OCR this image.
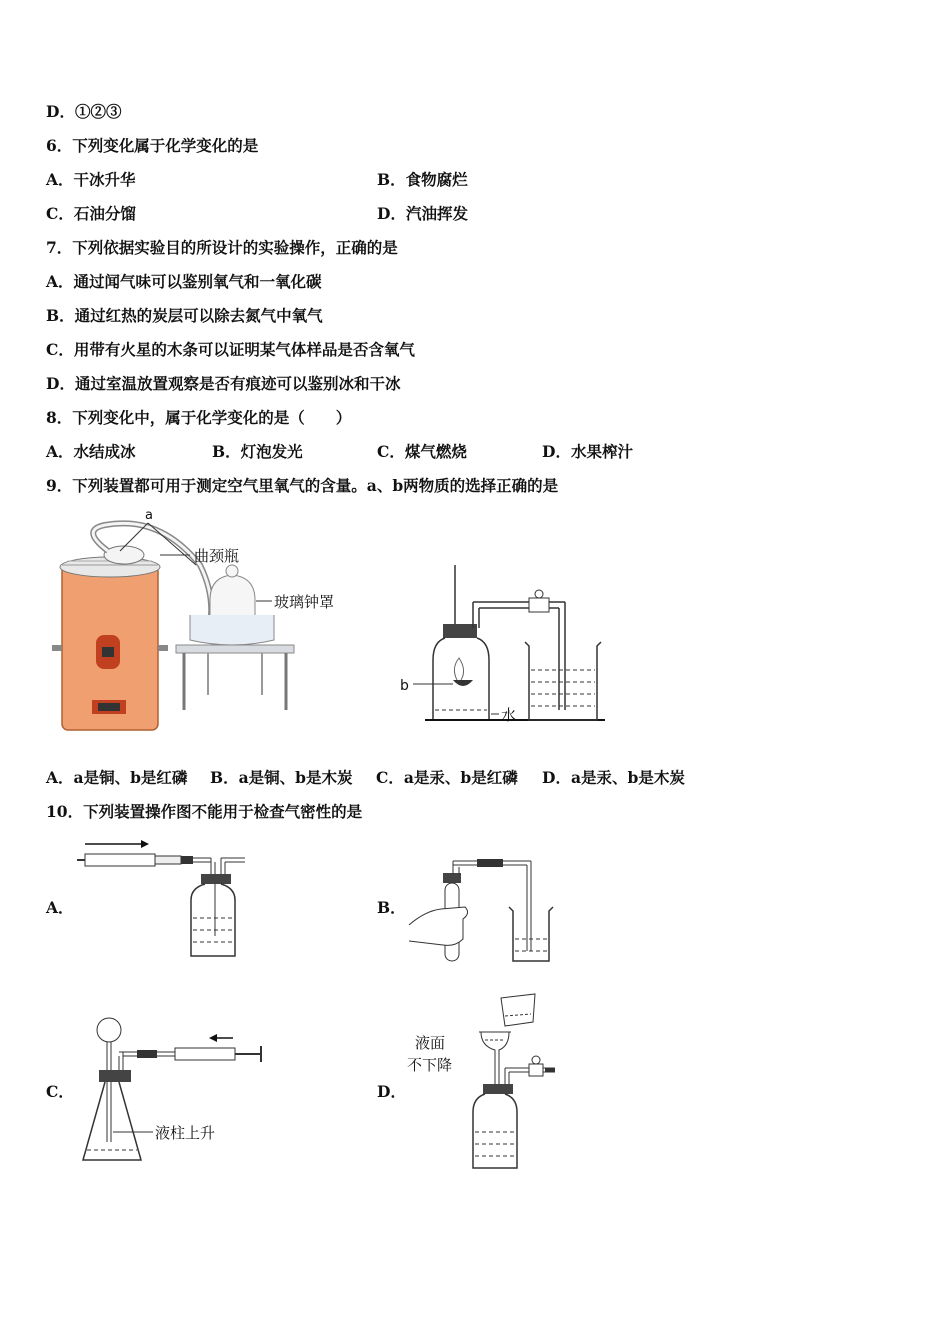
D．①②③
6．下列变化属于化学变化的是
A．干冰升华	B．食物腐烂
C．石油分馏	D．汽油挥发
7．下列依据实验目的所设计的实验操作，正确的是
A．通过闻气味可以鉴别氧气和一氧化碳
B．通过红热的炭层可以除去氮气中氧气
C．用带有火星的木条可以证明某气体样品是否含氧气
D．通过室温放置观察是否有痕迹可以鉴别冰和干冰
8．下列变化中，属于化学变化的是（　　）
A．水结成冰	B．灯泡发光	C．煤气燃烧	D．水果榨汁
9．下列装置都可用于测定空气里氧气的含量。a、b两物质的选择正确的是
a
曲颈瓶
玻璃钟罩
b
水
A．a是铜、b是红磷 B．a是铜、b是木炭 C．a是汞、b是红磷 D．a是汞、b是木炭
10．下列装置操作图不能用于检查气密性的是
A．	B．
C．
液柱上升
D．
液面
不下降
